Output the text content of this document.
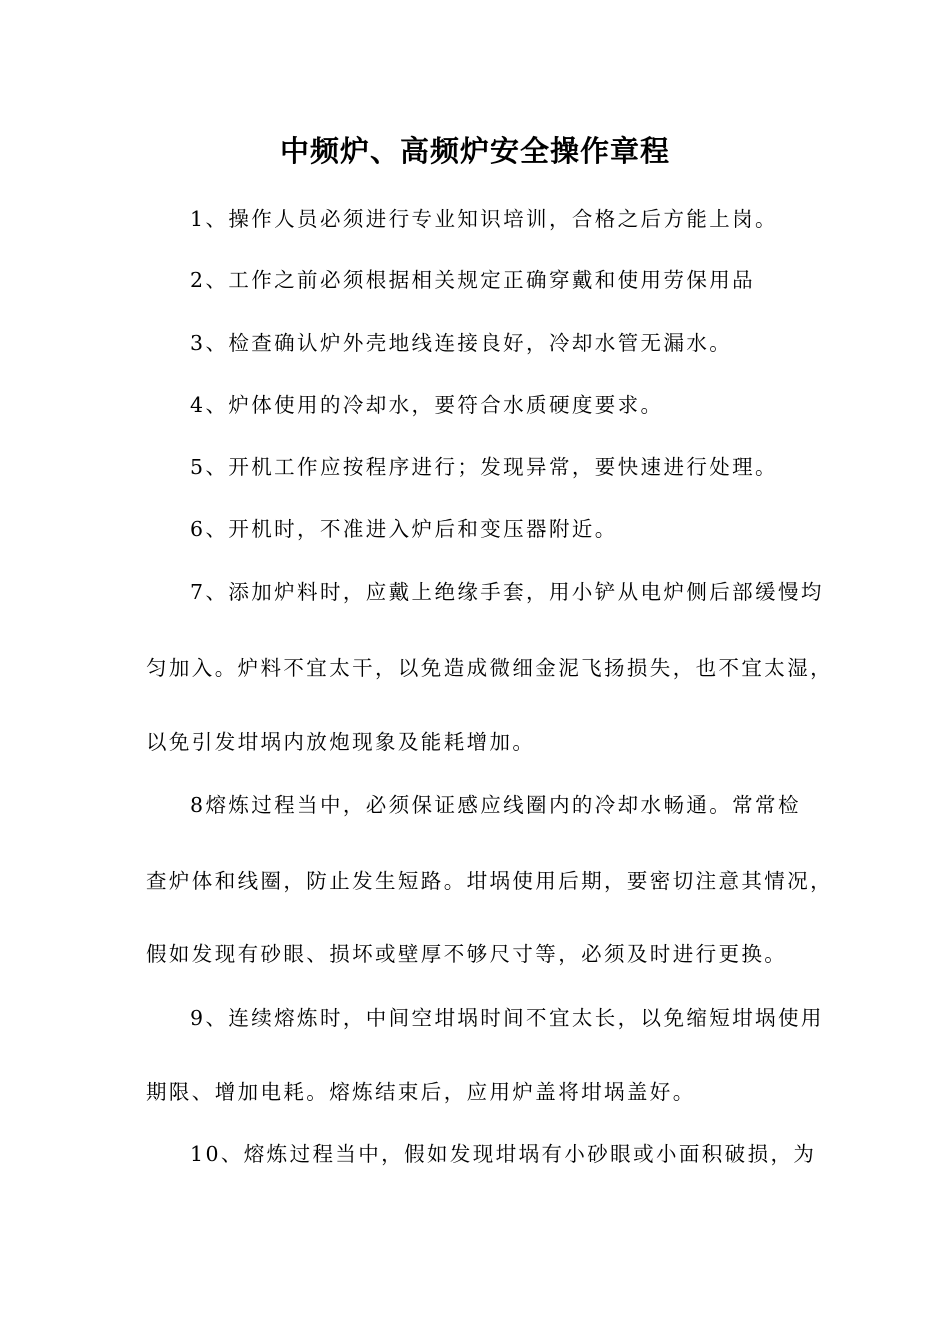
中频炉、高频炉安全操作章程
1、操作人员必须进行专业知识培训，合格之后方能上岗。
2、工作之前必须根据相关规定正确穿戴和使用劳保用品
3、检查确认炉外壳地线连接良好，冷却水管无漏水。
4、炉体使用的冷却水，要符合水质硬度要求。
5、开机工作应按程序进行；发现异常，要快速进行处理。
6、开机时，不准进入炉后和变压器附近。
7、添加炉料时，应戴上绝缘手套，用小铲从电炉侧后部缓慢均
匀加入。炉料不宜太干，以免造成微细金泥飞扬损失，也不宜太湿，
以免引发坩埚内放炮现象及能耗增加。
8熔炼过程当中，必须保证感应线圈内的冷却水畅通。常常检
查炉体和线圈，防止发生短路。坩埚使用后期，要密切注意其情况，
假如发现有砂眼、损坏或壁厚不够尺寸等，必须及时进行更换。
9、连续熔炼时，中间空坩埚时间不宜太长，以免缩短坩埚使用
期限、增加电耗。熔炼结束后，应用炉盖将坩埚盖好。
10、熔炼过程当中，假如发现坩埚有小砂眼或小面积破损，为
